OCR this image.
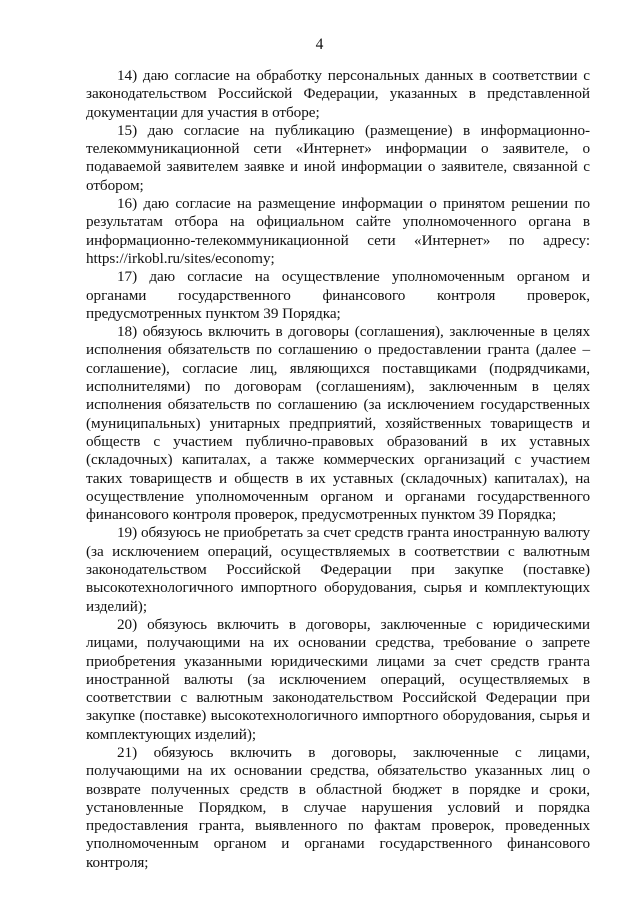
4

14) даю согласие на обработку персональных данных в соответствии с законодательством Российской Федерации, указанных в представленной документации для участия в отборе;

15) даю согласие на публикацию (размещение) в информационно-телекоммуникационной сети «Интернет» информации о заявителе, о подаваемой заявителем заявке и иной информации о заявителе, связанной с отбором;

16) даю согласие на размещение информации о принятом решении по результатам отбора на официальном сайте уполномоченного органа в информационно-телекоммуникационной сети «Интернет» по адресу: https://irkobl.ru/sites/economy;

17) даю согласие на осуществление уполномоченным органом и органами государственного финансового контроля проверок, предусмотренных пунктом 39 Порядка;

18) обязуюсь включить в договоры (соглашения), заключенные в целях исполнения обязательств по соглашению о предоставлении гранта (далее – соглашение), согласие лиц, являющихся поставщиками (подрядчиками, исполнителями) по договорам (соглашениям), заключенным в целях исполнения обязательств по соглашению (за исключением государственных (муниципальных) унитарных предприятий, хозяйственных товариществ и обществ с участием публично-правовых образований в их уставных (складочных) капиталах, а также коммерческих организаций с участием таких товариществ и обществ в их уставных (складочных) капиталах), на осуществление уполномоченным органом и органами государственного финансового контроля проверок, предусмотренных пунктом 39 Порядка;

19) обязуюсь не приобретать за счет средств гранта иностранную валюту (за исключением операций, осуществляемых в соответствии с валютным законодательством Российской Федерации при закупке (поставке) высокотехнологичного импортного оборудования, сырья и комплектующих изделий);

20) обязуюсь включить в договоры, заключенные с юридическими лицами, получающими на их основании средства, требование о запрете приобретения указанными юридическими лицами за счет средств гранта иностранной валюты (за исключением операций, осуществляемых в соответствии с валютным законодательством Российской Федерации при закупке (поставке) высокотехнологичного импортного оборудования, сырья и комплектующих изделий);

21) обязуюсь включить в договоры, заключенные с лицами, получающими на их основании средства, обязательство указанных лиц о возврате полученных средств в областной бюджет в порядке и сроки, установленные Порядком, в случае нарушения условий и порядка предоставления гранта, выявленного по фактам проверок, проведенных уполномоченным органом и органами государственного финансового контроля;
